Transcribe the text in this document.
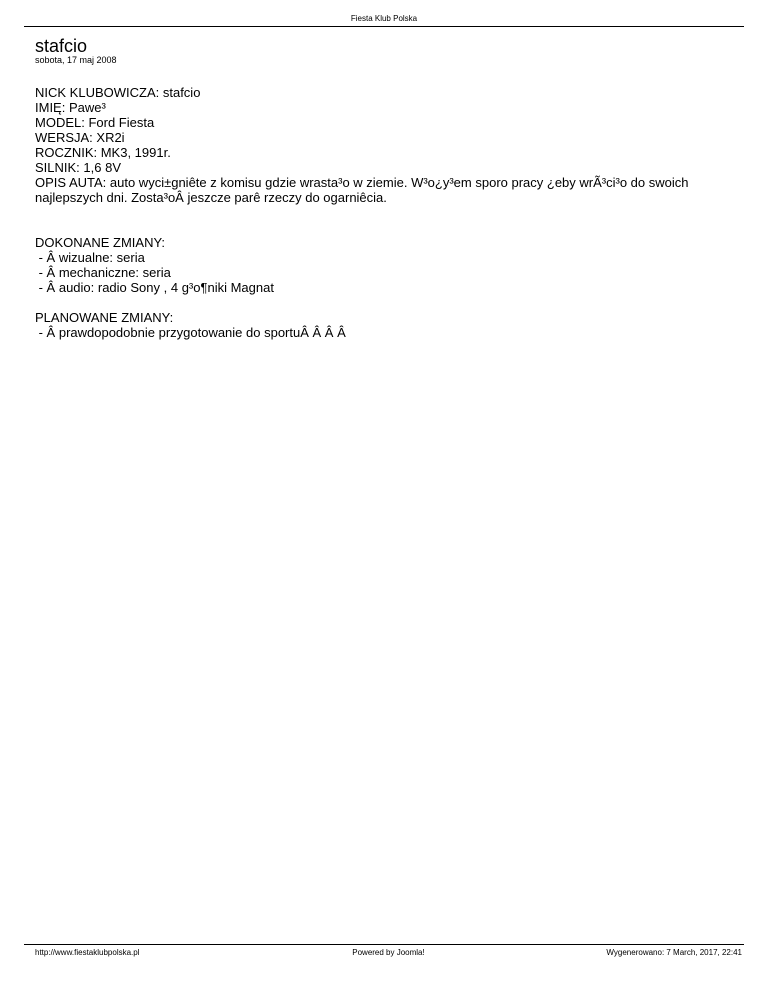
Fiesta Klub Polska
stafcio
sobota, 17 maj 2008
NICK KLUBOWICZA: stafcio
IMIĘ: Pawe³
MODEL: Ford Fiesta
WERSJA: XR2i
ROCZNIK: MK3, 1991r.
SILNIK: 1,6 8V
OPIS AUTA: auto wyci±gniête z komisu gdzie wrasta³o w ziemie. W³o¿y³em sporo pracy ¿eby wrÃ³ci³o do swoich najlepszych dni. Zosta³oÂ jeszcze parê rzeczy do ogarniêcia.
DOKONANE ZMIANY:
- Â wizualne: seria
- Â mechaniczne: seria
- Â audio: radio Sony , 4 g³o¶niki Magnat
PLANOWANE ZMIANY:
- Â prawdopodobnie przygotowanie do sportuÂ Â Â Â
http://www.fiestaklubpolska.pl	Powered by Joomla!	Wygenerowano: 7 March, 2017, 22:41
